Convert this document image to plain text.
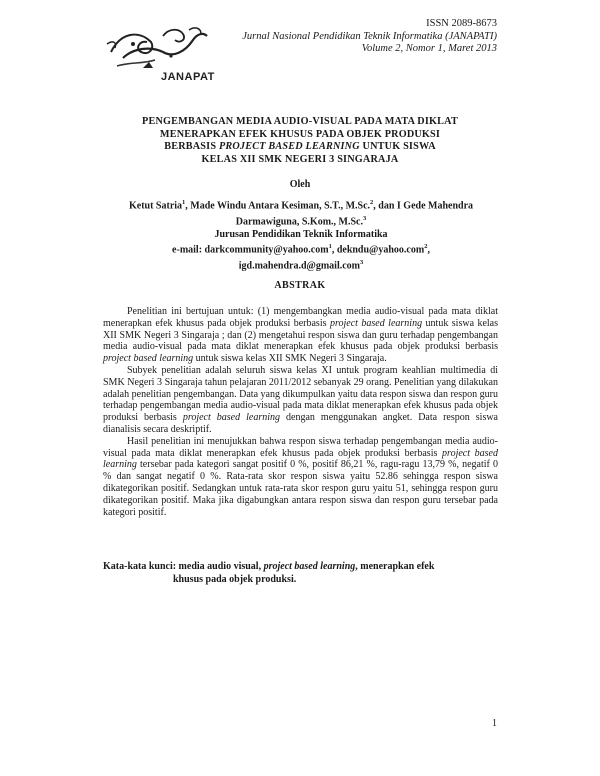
JANAPATI
ISSN 2089-8673
Jurnal Nasional Pendidikan Teknik Informatika (JANAPATI)
Volume 2, Nomor 1, Maret 2013
PENGEMBANGAN MEDIA AUDIO-VISUAL PADA MATA DIKLAT
MENERAPKAN EFEK KHUSUS PADA OBJEK PRODUKSI
BERBASIS PROJECT BASED LEARNING UNTUK SISWA
KELAS XII SMK NEGERI 3 SINGARAJA
Oleh
Ketut Satria$^1$, Made Windu Antara Kesiman, S.T., M.Sc.$^2$, dan I Gede Mahendra
Darmawiguna, S.Kom., M.Sc.$^3$
Jurusan Pendidikan Teknik Informatika
e-mail: darkcommunity@yahoo.com$^1$, dekndu@yahoo.com$^2$,
igd.mahendra.d@gmail.com$^3$
ABSTRAK

Penelitian ini bertujuan untuk: (1) mengembangkan media audio-visual pada mata diklat menerapkan efek khusus pada objek produksi berbasis project based learning untuk siswa kelas XII SMK Negeri 3 Singaraja ; dan (2) mengetahui respon siswa dan guru terhadap pengembangan media audio-visual pada mata diklat menerapkan efek khusus pada objek produksi berbasis project based learning untuk siswa kelas XII SMK Negeri 3 Singaraja.

Subyek penelitian adalah seluruh siswa kelas XI untuk program keahlian multimedia di SMK Negeri 3 Singaraja tahun pelajaran 2011/2012 sebanyak 29 orang. Penelitian yang dilakukan adalah penelitian pengembangan. Data yang dikumpulkan yaitu data respon siswa dan respon guru terhadap pengembangan media audio-visual pada mata diklat menerapkan efek khusus pada objek produksi berbasis project based learning dengan menggunakan angket. Data respon siswa dianalisis secara deskriptif.

Hasil penelitian ini menujukkan bahwa respon siswa terhadap pengembangan media audio-visual pada mata diklat menerapkan efek khusus pada objek produksi berbasis project based learning tersebar pada kategori sangat positif 0 %, positif 86,21 %, ragu-ragu 13,79 %, negatif 0 % dan sangat negatif 0 %. Rata-rata skor respon siswa yaitu 52.86 sehingga respon siswa dikategorikan positif. Sedangkan untuk rata-rata skor respon guru yaitu 51, sehingga respon guru dikategorikan positif. Maka jika digabungkan antara respon siswa dan respon guru tersebar pada kategori positif.

Kata-kata kunci: media audio visual, project based learning, menerapkan efek
khusus pada objek produksi.
1
